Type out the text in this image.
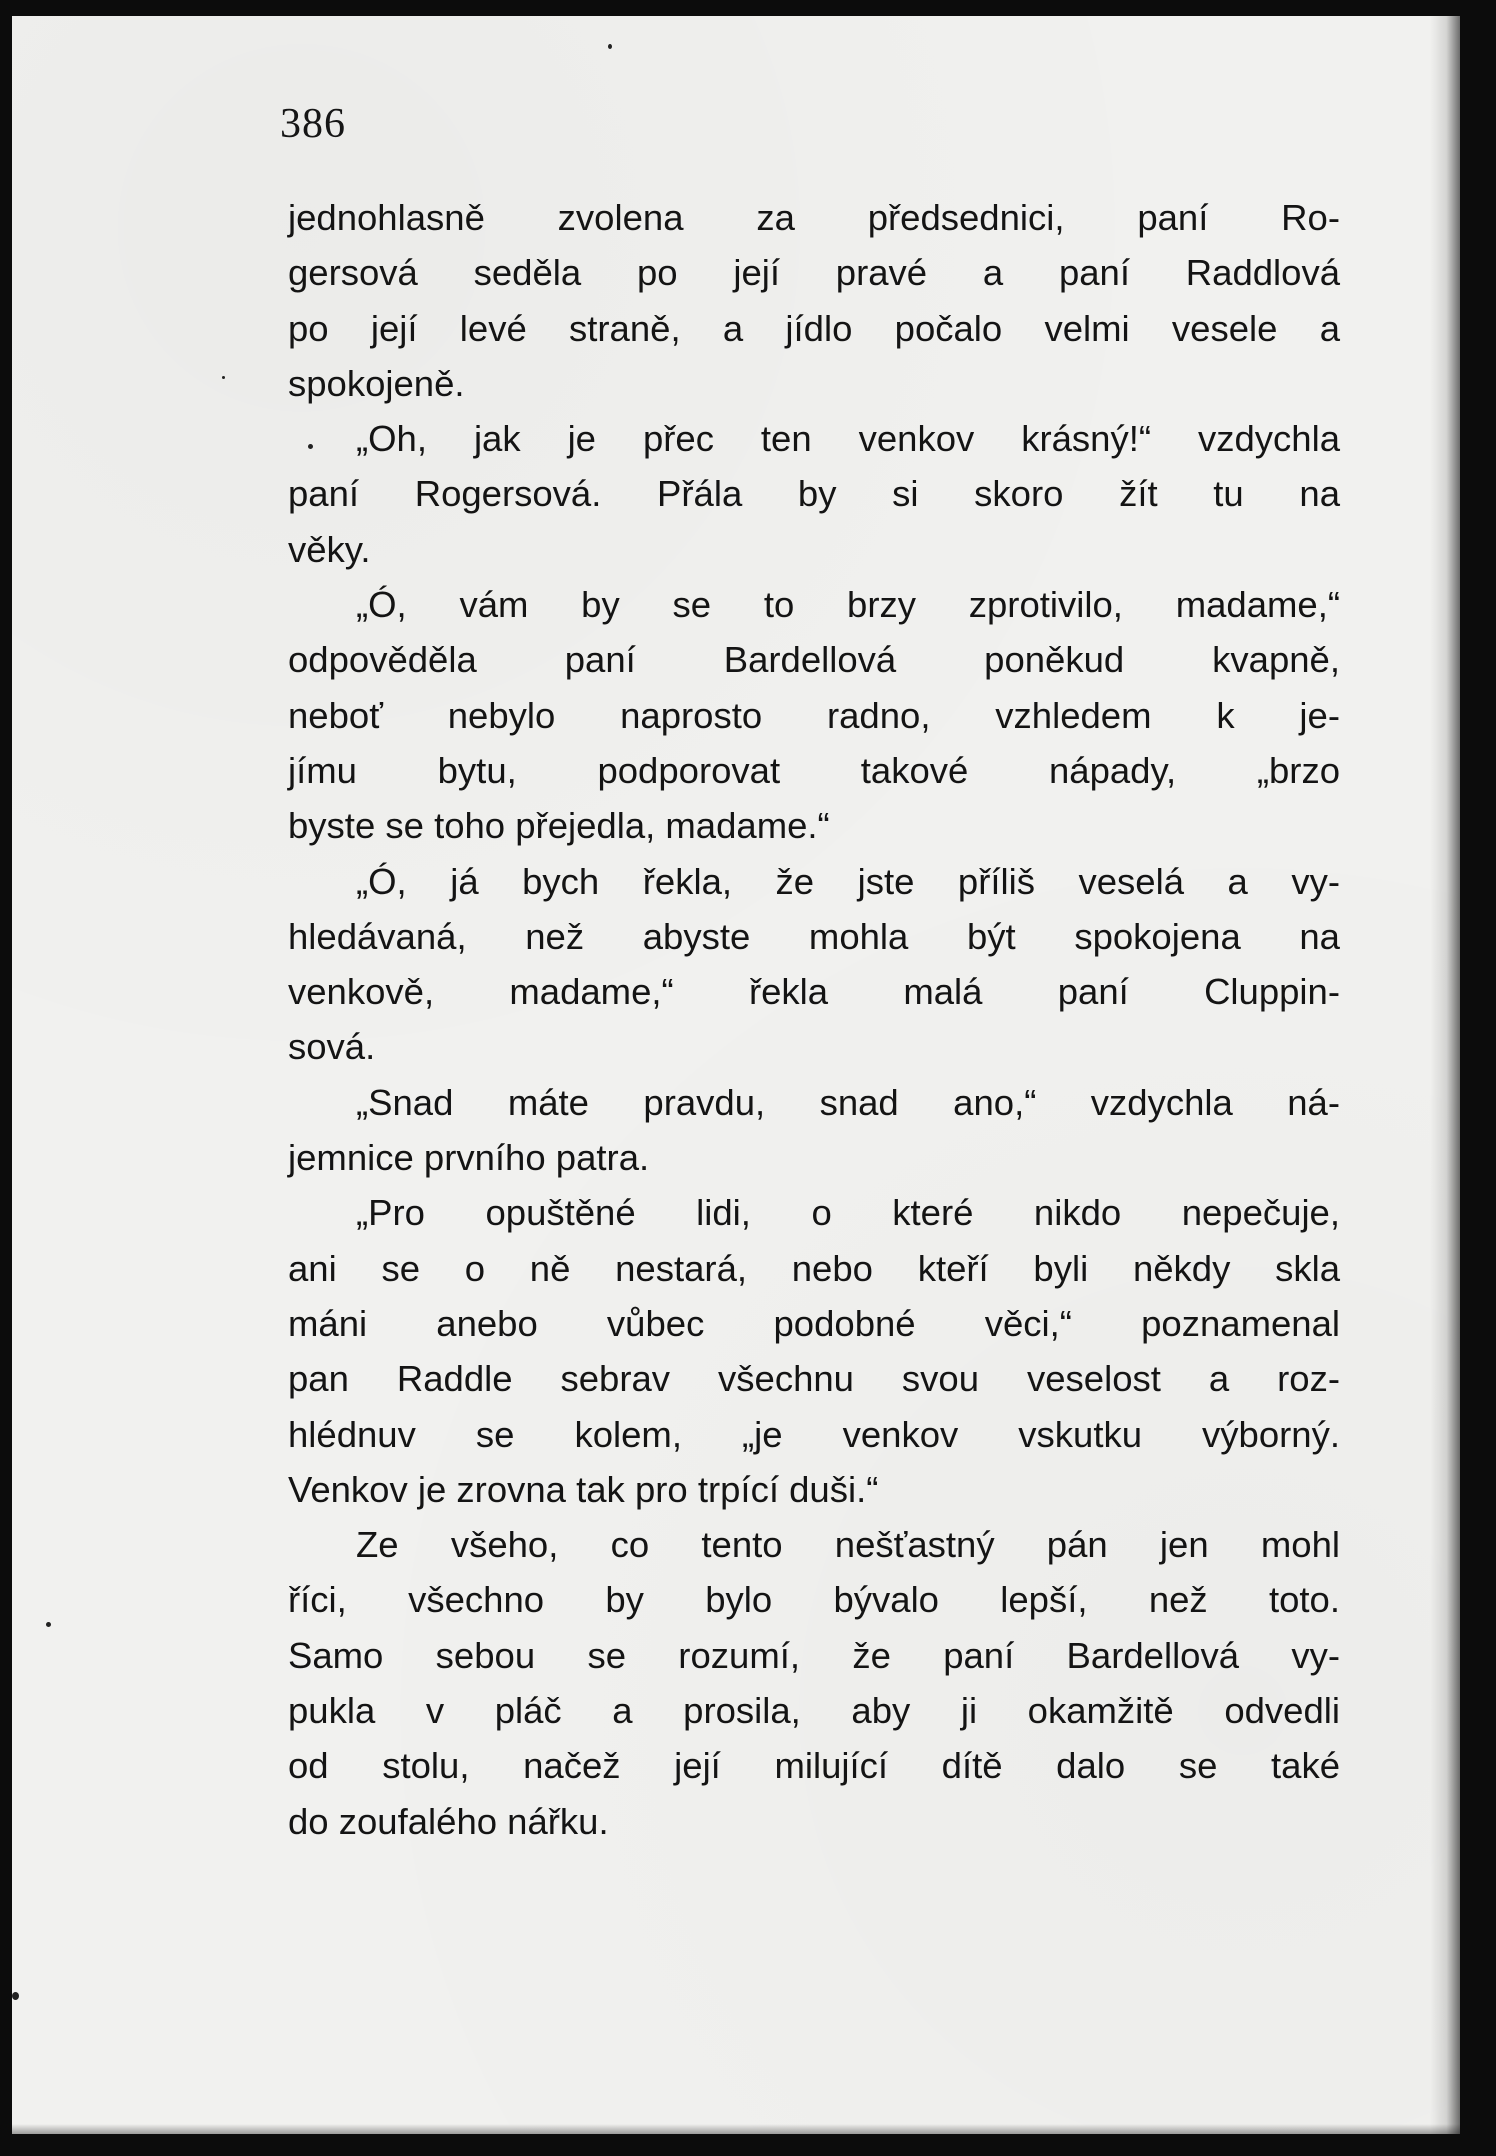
386
jednohlasně zvolena za předsednici, paní Ro-
gersová seděla po její pravé a paní Raddlová
po její levé straně, a jídlo počalo velmi vesele a
spokojeně.
„Oh, jak je přec ten venkov krásný!“ vzdychla
paní Rogersová. Přála by si skoro žít tu na
věky.
„Ó, vám by se to brzy zprotivilo, madame,“
odpověděla paní Bardellová poněkud kvapně,
neboť nebylo naprosto radno, vzhledem k je-
jímu bytu, podporovat takové nápady, „brzo
byste se toho přejedla, madame.“
„Ó, já bych řekla, že jste příliš veselá a vy-
hledávaná, než abyste mohla být spokojena na
venkově, madame,“ řekla malá paní Cluppin-
sová.
„Snad máte pravdu, snad ano,“ vzdychla ná-
jemnice prvního patra.
„Pro opuštěné lidi, o které nikdo nepečuje,
ani se o ně nestará, nebo kteří byli někdy skla
máni anebo vůbec podobné věci,“ poznamenal
pan Raddle sebrav všechnu svou veselost a roz-
hlédnuv se kolem, „je venkov vskutku výborný.
Venkov je zrovna tak pro trpící duši.“
Ze všeho, co tento nešťastný pán jen mohl
říci, všechno by bylo bývalo lepší, než toto.
Samo sebou se rozumí, že paní Bardellová vy-
pukla v pláč a prosila, aby ji okamžitě odvedli
od stolu, načež její milující dítě dalo se také
do zoufalého nářku.
